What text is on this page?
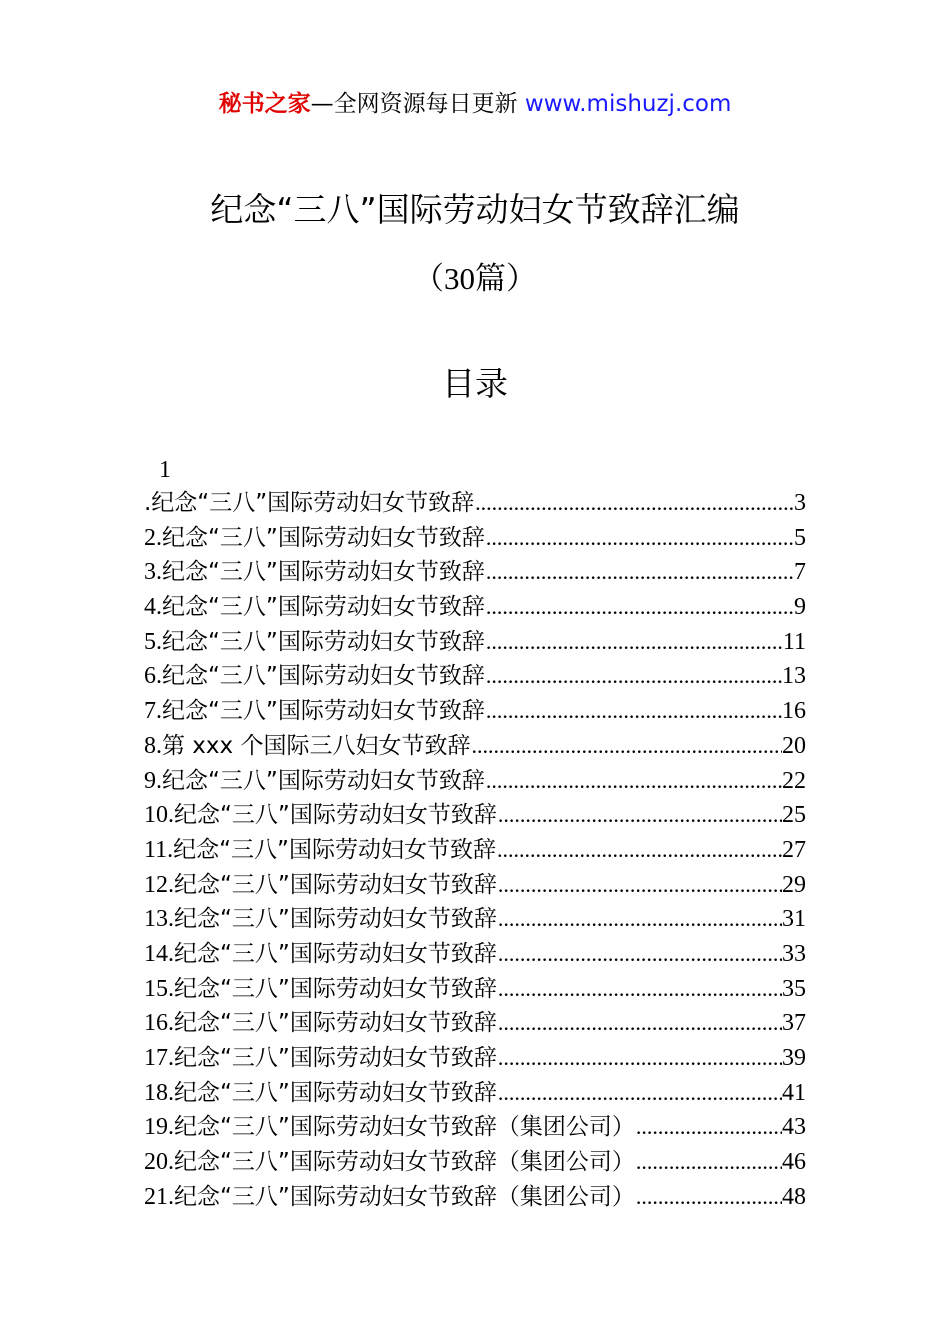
秘书之家—全网资源每日更新 www.mishuzj.com
纪念“三八”国际劳动妇女节致辞汇编
（30篇）
目录
1
.纪念“三八”国际劳动妇女节致辞 .....	3
2. 纪念“三八”国际劳动妇女节致辞 .....	5
3. 纪念“三八”国际劳动妇女节致辞 .....	7
4. 纪念“三八”国际劳动妇女节致辞 .....	9
5. 纪念“三八”国际劳动妇女节致辞 .....	11
6. 纪念“三八”国际劳动妇女节致辞 .....	13
7. 纪念“三八”国际劳动妇女节致辞 .....	16
8. 第 xxx 个国际三八妇女节致辞 .....	20
9. 纪念“三八”国际劳动妇女节致辞 .....	22
10. 纪念“三八”国际劳动妇女节致辞 .....	25
11. 纪念“三八”国际劳动妇女节致辞 .....	27
12. 纪念“三八”国际劳动妇女节致辞 .....	29
13. 纪念“三八”国际劳动妇女节致辞 .....	31
14. 纪念“三八”国际劳动妇女节致辞 .....	33
15. 纪念“三八”国际劳动妇女节致辞 .....	35
16. 纪念“三八”国际劳动妇女节致辞 .....	37
17. 纪念“三八”国际劳动妇女节致辞 .....	39
18. 纪念“三八”国际劳动妇女节致辞 .....	41
19. 纪念“三八”国际劳动妇女节致辞（集团公司） .....	43
20. 纪念“三八”国际劳动妇女节致辞（集团公司） .....	46
21. 纪念“三八”国际劳动妇女节致辞（集团公司） .....	48
